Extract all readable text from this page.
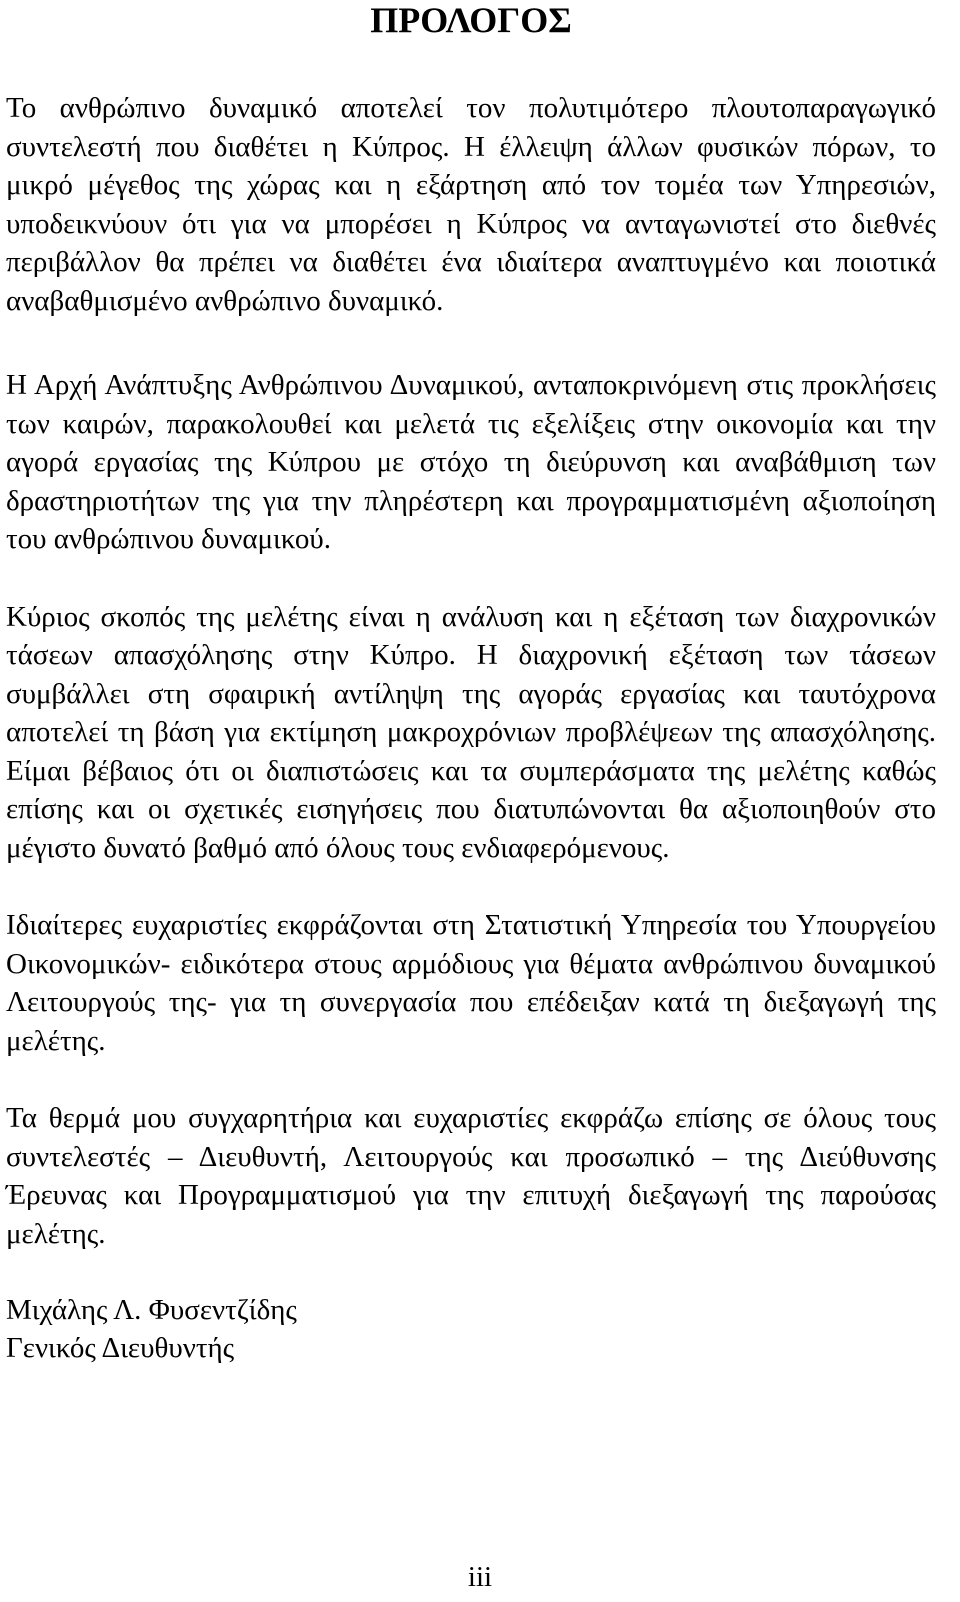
ΠΡΟΛΟΓΟΣ

Το ανθρώπινο δυναμικό αποτελεί τον πολυτιμότερο πλουτοπαραγωγικό συντελεστή που διαθέτει η Κύπρος. Η έλλειψη άλλων φυσικών πόρων, το μικρό μέγεθος της χώρας και η εξάρτηση από τον τομέα των Υπηρεσιών, υποδεικνύουν ότι για να μπορέσει η Κύπρος να ανταγωνιστεί στο διεθνές περιβάλλον θα πρέπει να διαθέτει ένα ιδιαίτερα αναπτυγμένο και ποιοτικά αναβαθμισμένο ανθρώπινο δυναμικό.

Η Αρχή Ανάπτυξης Ανθρώπινου Δυναμικού, ανταποκρινόμενη στις προκλήσεις των καιρών, παρακολουθεί και μελετά τις εξελίξεις στην οικονομία και την αγορά εργασίας της Κύπρου με στόχο τη διεύρυνση και αναβάθμιση των δραστηριοτήτων της για την πληρέστερη και προγραμματισμένη αξιοποίηση του ανθρώπινου δυναμικού.

Κύριος σκοπός της μελέτης είναι η ανάλυση και η εξέταση των διαχρονικών τάσεων απασχόλησης στην Κύπρο. Η διαχρονική εξέταση των τάσεων συμβάλλει στη σφαιρική αντίληψη της αγοράς εργασίας και ταυτόχρονα αποτελεί τη βάση για εκτίμηση μακροχρόνιων προβλέψεων της απασχόλησης. Είμαι βέβαιος ότι οι διαπιστώσεις και τα συμπεράσματα της μελέτης καθώς επίσης και οι σχετικές εισηγήσεις που διατυπώνονται θα αξιοποιηθούν στο μέγιστο δυνατό βαθμό από όλους τους ενδιαφερόμενους.

Ιδιαίτερες ευχαριστίες εκφράζονται στη Στατιστική Υπηρεσία του Υπουργείου Οικονομικών- ειδικότερα στους αρμόδιους για θέματα ανθρώπινου δυναμικού Λειτουργούς της- για τη συνεργασία που επέδειξαν κατά τη διεξαγωγή της μελέτης.

Τα θερμά μου συγχαρητήρια και ευχαριστίες εκφράζω επίσης σε όλους τους συντελεστές – Διευθυντή, Λειτουργούς και προσωπικό – της Διεύθυνσης Έρευνας και Προγραμματισμού για την επιτυχή διεξαγωγή της παρούσας μελέτης.

Μιχάλης Λ. Φυσεντζίδης
Γενικός Διευθυντής
iii
